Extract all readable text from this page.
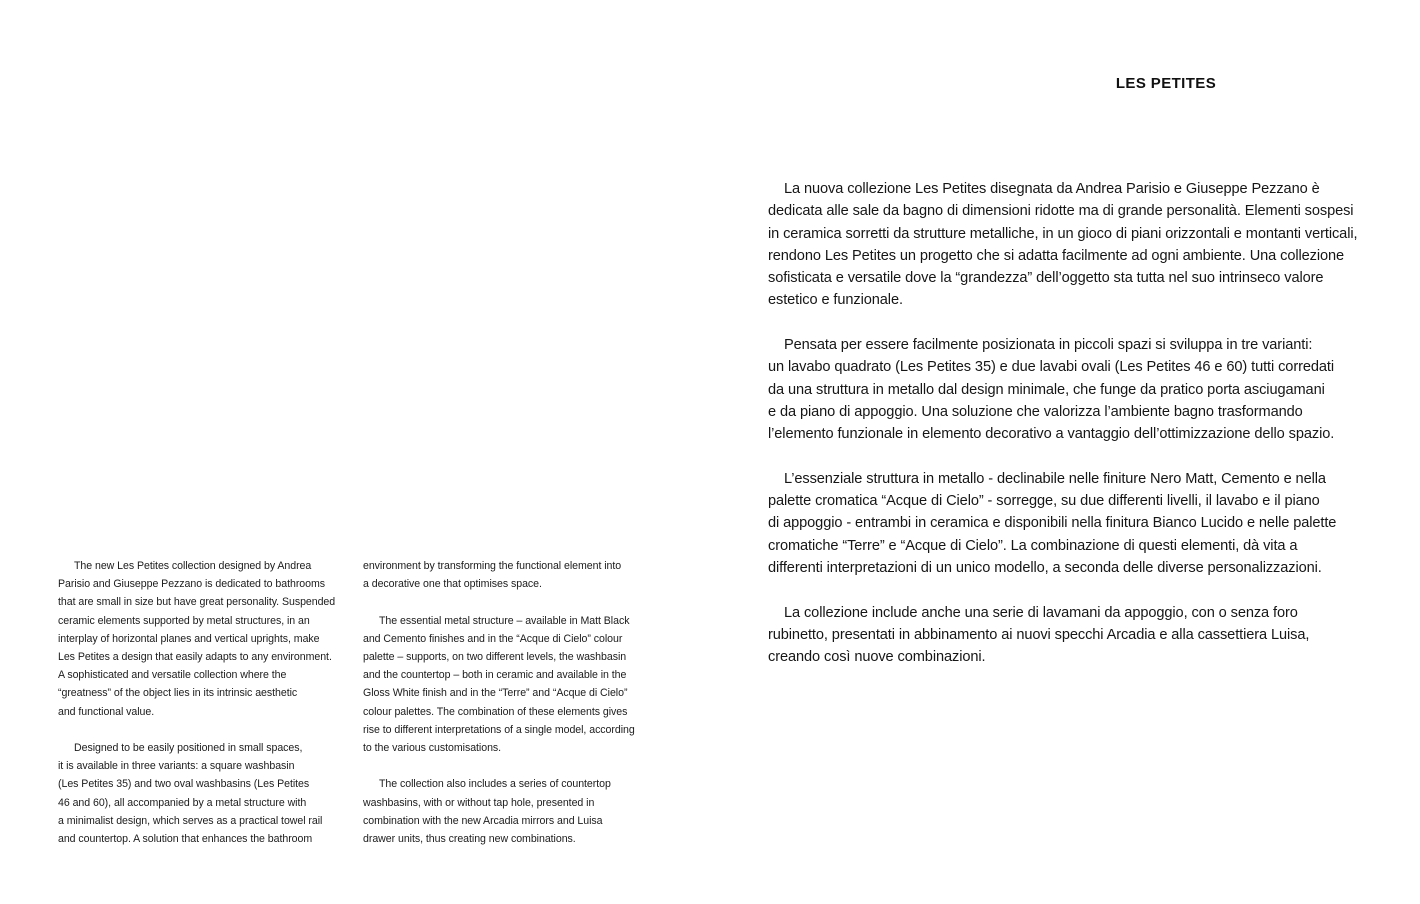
The new Les Petites collection designed by Andrea
Parisio and Giuseppe Pezzano is dedicated to bathrooms
that are small in size but have great personality. Suspended
ceramic elements supported by metal structures, in an
interplay of horizontal planes and vertical uprights, make
Les Petites a design that easily adapts to any environment.
A sophisticated and versatile collection where the
“greatness” of the object lies in its intrinsic aesthetic
and functional value.

Designed to be easily positioned in small spaces,
it is available in three variants: a square washbasin
(Les Petites 35) and two oval washbasins (Les Petites
46 and 60), all accompanied by a metal structure with
a minimalist design, which serves as a practical towel rail
and countertop. A solution that enhances the bathroom

environment by transforming the functional element into
a decorative one that optimises space.

The essential metal structure – available in Matt Black
and Cemento finishes and in the “Acque di Cielo” colour
palette – supports, on two different levels, the washbasin
and the countertop – both in ceramic and available in the
Gloss White finish and in the “Terre” and “Acque di Cielo”
colour palettes. The combination of these elements gives
rise to different interpretations of a single model, according
to the various customisations.

The collection also includes a series of countertop
washbasins, with or without tap hole, presented in
combination with the new Arcadia mirrors and Luisa
drawer units, thus creating new combinations.

LES PETITES

La nuova collezione Les Petites disegnata da Andrea Parisio e Giuseppe Pezzano è
dedicata alle sale da bagno di dimensioni ridotte ma di grande personalità. Elementi sospesi
in ceramica sorretti da strutture metalliche, in un gioco di piani orizzontali e montanti verticali,
rendono Les Petites un progetto che si adatta facilmente ad ogni ambiente. Una collezione
sofisticata e versatile dove la “grandezza” dell’oggetto sta tutta nel suo intrinseco valore
estetico e funzionale.

Pensata per essere facilmente posizionata in piccoli spazi si sviluppa in tre varianti:
un lavabo quadrato (Les Petites 35) e due lavabi ovali (Les Petites 46 e 60) tutti corredati
da una struttura in metallo dal design minimale, che funge da pratico porta asciugamani
e da piano di appoggio. Una soluzione che valorizza l’ambiente bagno trasformando
l’elemento funzionale in elemento decorativo a vantaggio dell’ottimizzazione dello spazio.

L’essenziale struttura in metallo - declinabile nelle finiture Nero Matt, Cemento e nella
palette cromatica “Acque di Cielo” - sorregge, su due differenti livelli, il lavabo e il piano
di appoggio - entrambi in ceramica e disponibili nella finitura Bianco Lucido e nelle palette
cromatiche “Terre” e “Acque di Cielo”. La combinazione di questi elementi, dà vita a
differenti interpretazioni di un unico modello, a seconda delle diverse personalizzazioni.

La collezione include anche una serie di lavamani da appoggio, con o senza foro
rubinetto, presentati in abbinamento ai nuovi specchi Arcadia e alla cassettiera Luisa,
creando così nuove combinazioni.
